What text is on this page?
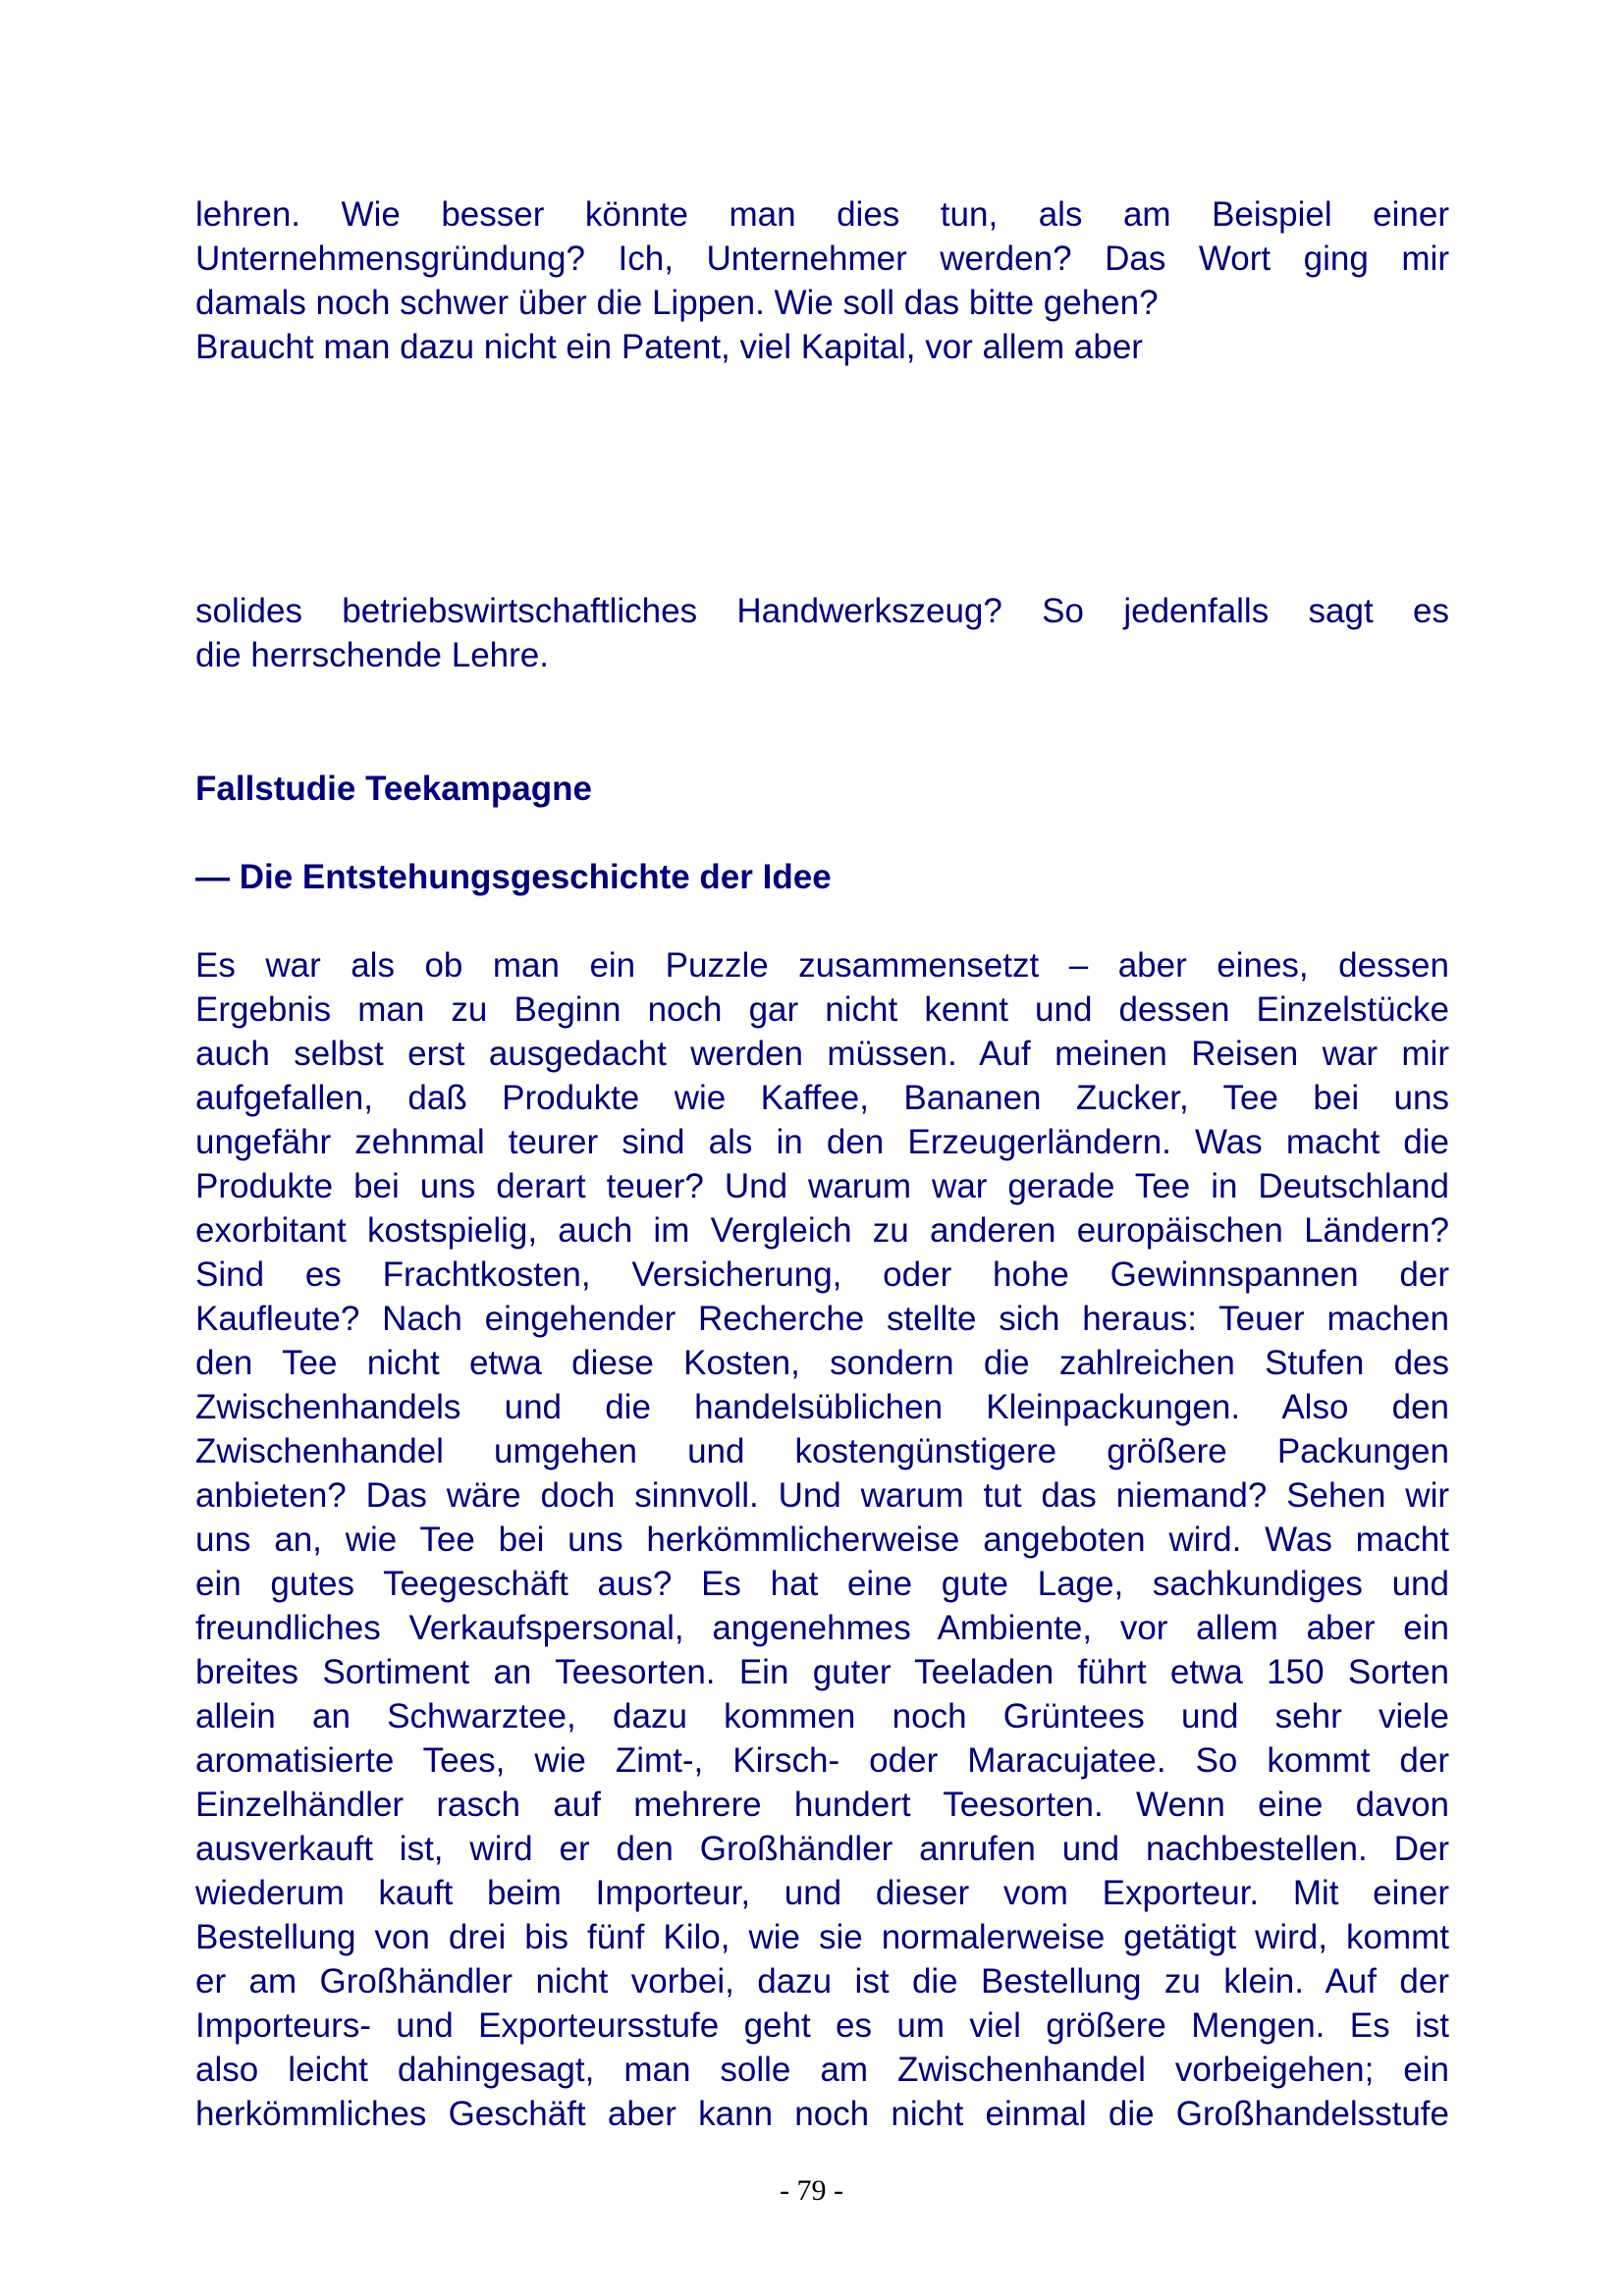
lehren. Wie besser könnte man dies tun, als am Beispiel einer
Unternehmensgründung? Ich, Unternehmer werden? Das Wort ging mir
damals noch schwer über die Lippen. Wie soll das bitte gehen?
Braucht man dazu nicht ein Patent, viel Kapital, vor allem aber
solides betriebswirtschaftliches Handwerkszeug? So jedenfalls sagt es
die herrschende Lehre.
Fallstudie Teekampagne
— Die Entstehungsgeschichte der Idee
Es war als ob man ein Puzzle zusammensetzt – aber eines, dessen
Ergebnis man zu Beginn noch gar nicht kennt und dessen Einzelstücke
auch selbst erst ausgedacht werden müssen. Auf meinen Reisen war mir
aufgefallen, daß Produkte wie Kaffee, Bananen Zucker, Tee bei uns
ungefähr zehnmal teurer sind als in den Erzeugerländern. Was macht die
Produkte bei uns derart teuer? Und warum war gerade Tee in Deutschland
exorbitant kostspielig, auch im Vergleich zu anderen europäischen Ländern?
Sind es Frachtkosten, Versicherung, oder hohe Gewinnspannen der
Kaufleute? Nach eingehender Recherche stellte sich heraus: Teuer machen
den Tee nicht etwa diese Kosten, sondern die zahlreichen Stufen des
Zwischenhandels und die handelsüblichen Kleinpackungen. Also den
Zwischenhandel umgehen und kostengünstigere größere Packungen
anbieten? Das wäre doch sinnvoll. Und warum tut das niemand? Sehen wir
uns an, wie Tee bei uns herkömmlicherweise angeboten wird. Was macht
ein gutes Teegeschäft aus? Es hat eine gute Lage, sachkundiges und
freundliches Verkaufspersonal, angenehmes Ambiente, vor allem aber ein
breites Sortiment an Teesorten. Ein guter Teeladen führt etwa 150 Sorten
allein an Schwarztee, dazu kommen noch Grüntees und sehr viele
aromatisierte Tees, wie Zimt-, Kirsch- oder Maracujatee. So kommt der
Einzelhändler rasch auf mehrere hundert Teesorten. Wenn eine davon
ausverkauft ist, wird er den Großhändler anrufen und nachbestellen. Der
wiederum kauft beim Importeur, und dieser vom Exporteur. Mit einer
Bestellung von drei bis fünf Kilo, wie sie normalerweise getätigt wird, kommt
er am Großhändler nicht vorbei, dazu ist die Bestellung zu klein. Auf der
Importeurs- und Exporteursstufe geht es um viel größere Mengen. Es ist
also leicht dahingesagt, man solle am Zwischenhandel vorbeigehen; ein
herkömmliches Geschäft aber kann noch nicht einmal die Großhandelsstufe
- 79 -
